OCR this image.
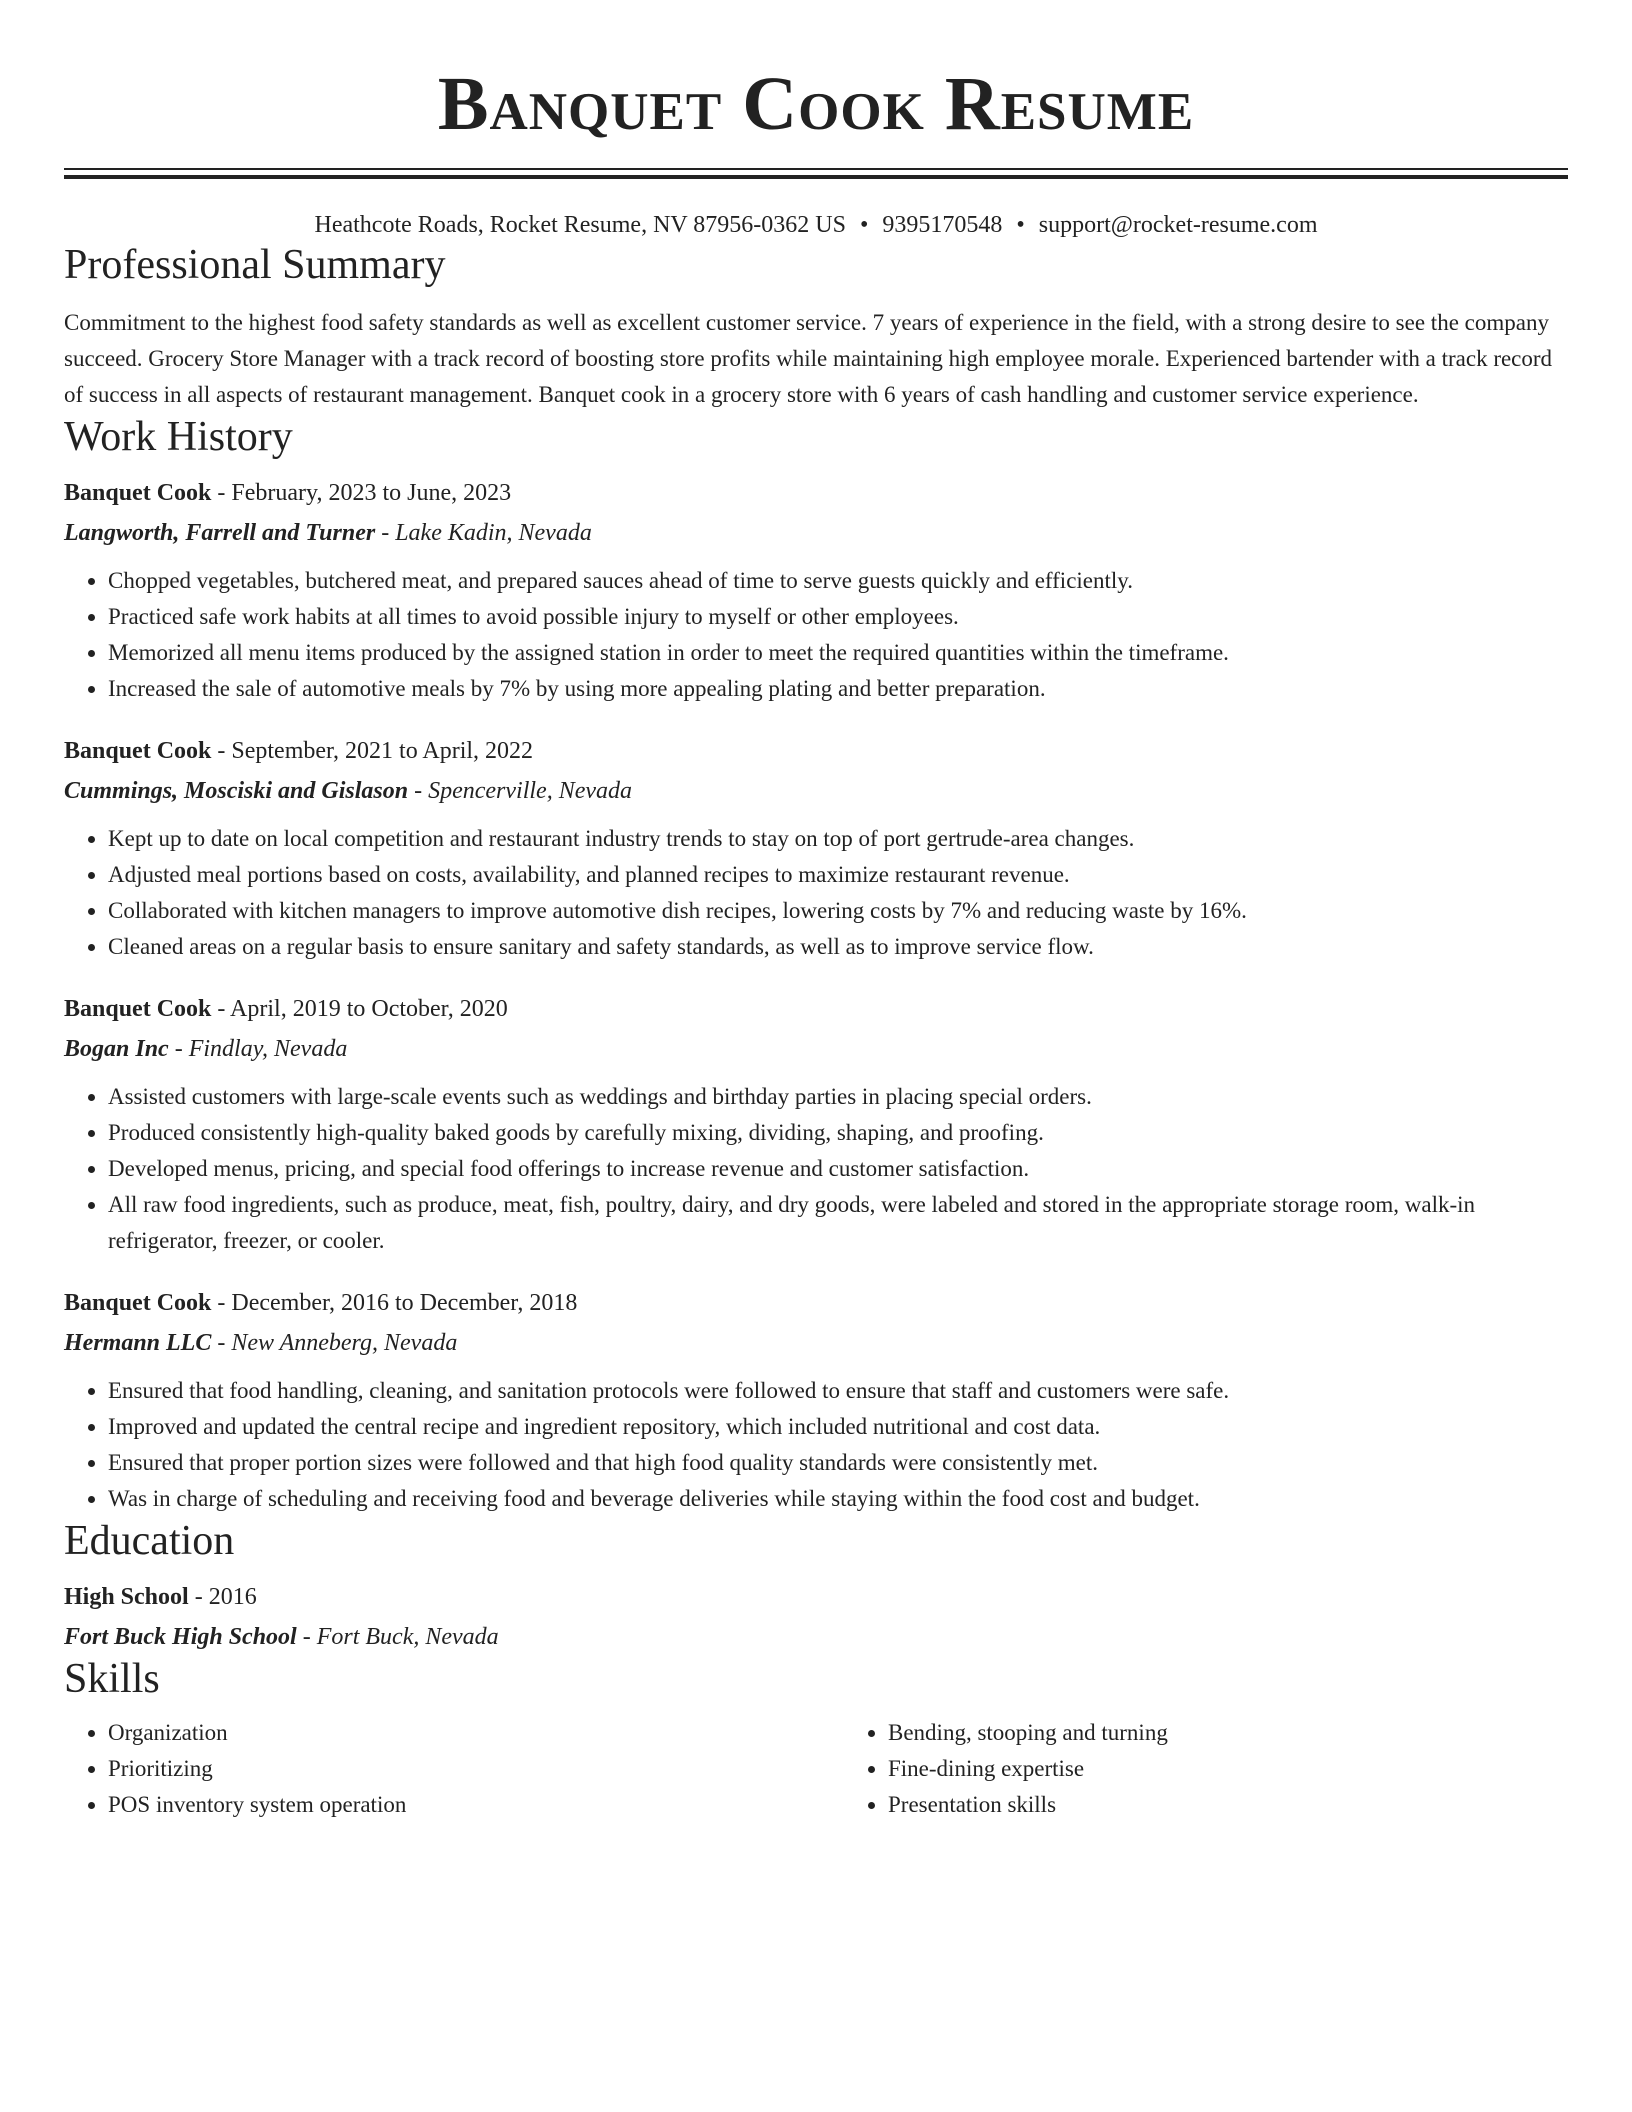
Banquet Cook Resume
Heathcote Roads, Rocket Resume, NV 87956-0362 US • 9395170548 • support@rocket-resume.com
Professional Summary
Commitment to the highest food safety standards as well as excellent customer service. 7 years of experience in the field, with a strong desire to see the company succeed. Grocery Store Manager with a track record of boosting store profits while maintaining high employee morale. Experienced bartender with a track record of success in all aspects of restaurant management. Banquet cook in a grocery store with 6 years of cash handling and customer service experience.
Work History
Banquet Cook - February, 2023 to June, 2023
Langworth, Farrell and Turner - Lake Kadin, Nevada
• Chopped vegetables, butchered meat, and prepared sauces ahead of time to serve guests quickly and efficiently.
• Practiced safe work habits at all times to avoid possible injury to myself or other employees.
• Memorized all menu items produced by the assigned station in order to meet the required quantities within the timeframe.
• Increased the sale of automotive meals by 7% by using more appealing plating and better preparation.
Banquet Cook - September, 2021 to April, 2022
Cummings, Mosciski and Gislason - Spencerville, Nevada
• Kept up to date on local competition and restaurant industry trends to stay on top of port gertrude-area changes.
• Adjusted meal portions based on costs, availability, and planned recipes to maximize restaurant revenue.
• Collaborated with kitchen managers to improve automotive dish recipes, lowering costs by 7% and reducing waste by 16%.
• Cleaned areas on a regular basis to ensure sanitary and safety standards, as well as to improve service flow.
Banquet Cook - April, 2019 to October, 2020
Bogan Inc - Findlay, Nevada
• Assisted customers with large-scale events such as weddings and birthday parties in placing special orders.
• Produced consistently high-quality baked goods by carefully mixing, dividing, shaping, and proofing.
• Developed menus, pricing, and special food offerings to increase revenue and customer satisfaction.
• All raw food ingredients, such as produce, meat, fish, poultry, dairy, and dry goods, were labeled and stored in the appropriate storage room, walk-in refrigerator, freezer, or cooler.
Banquet Cook - December, 2016 to December, 2018
Hermann LLC - New Anneberg, Nevada
• Ensured that food handling, cleaning, and sanitation protocols were followed to ensure that staff and customers were safe.
• Improved and updated the central recipe and ingredient repository, which included nutritional and cost data.
• Ensured that proper portion sizes were followed and that high food quality standards were consistently met.
• Was in charge of scheduling and receiving food and beverage deliveries while staying within the food cost and budget.
Education
High School - 2016
Fort Buck High School - Fort Buck, Nevada
Skills
• Organization
• Prioritizing
• POS inventory system operation
• Bending, stooping and turning
• Fine-dining expertise
• Presentation skills
